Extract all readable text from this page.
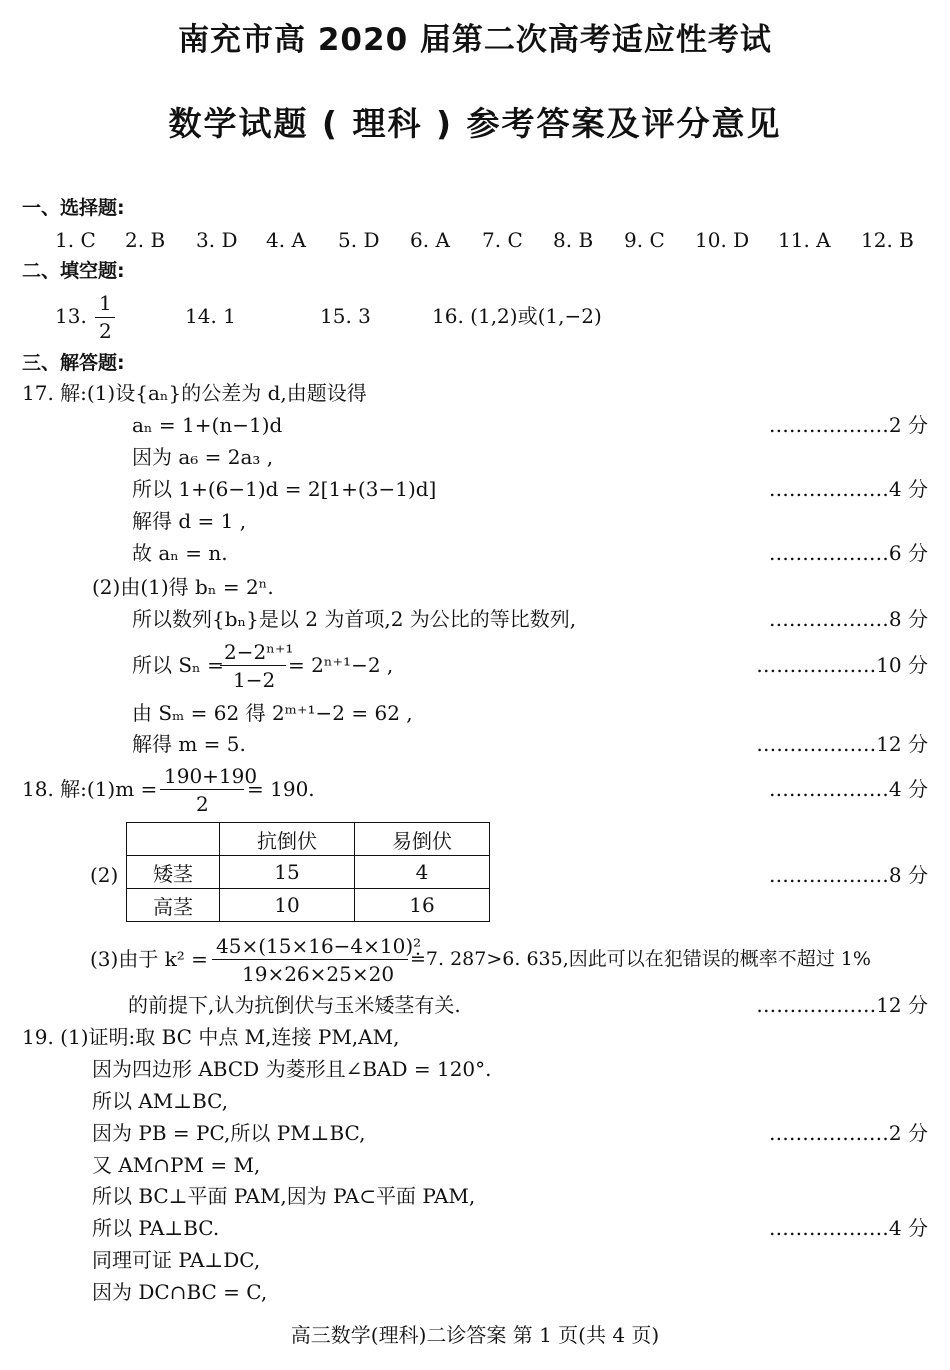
南充市高 2020 届第二次高考适应性考试
数学试题 ( 理科 ) 参考答案及评分意见
一、选择题:
1. C 2. B 3. D 4. A 5. D 6. A 7. C 8. B 9. C 10. D 11. A 12. B
二、填空题:
13.
1
2
14. 1	15. 3	16. (1,2)或(1,−2)
三、解答题:
17. 解:(1)设{aₙ}的公差为 d,由题设得
aₙ = 1+(n−1)d	………………2 分
因为 a₆ = 2a₃ ,
所以 1+(6−1)d = 2[1+(3−1)d]	………………4 分
解得 d = 1 ,
故 aₙ = n.	………………6 分
(2)由(1)得 bₙ = 2ⁿ.
所以数列{bₙ}是以 2 为首项,2 为公比的等比数列,	………………8 分
所以 Sₙ =
2−2ⁿ⁺¹
1−2
= 2ⁿ⁺¹−2 ,	………………10 分
由 Sₘ = 62 得 2ᵐ⁺¹−2 = 62 ,
解得 m = 5.	………………12 分
18. 解:(1)m =
190+190
2
= 190.	………………4 分
(2)
	抗倒伏	易倒伏
矮茎	15	4
高茎	10	16
………………8 分
(3)由于 k² =
45×(15×16−4×10)²
19×26×25×20
≐7. 287>6. 635,因此可以在犯错误的概率不超过 1%
的前提下,认为抗倒伏与玉米矮茎有关.	………………12 分
19. (1)证明:取 BC 中点 M,连接 PM,AM,
因为四边形 ABCD 为菱形且∠BAD = 120°.
所以 AM⊥BC,
因为 PB = PC,所以 PM⊥BC,	………………2 分
又 AM∩PM = M,
所以 BC⊥平面 PAM,因为 PA⊂平面 PAM,
所以 PA⊥BC.	………………4 分
同理可证 PA⊥DC,
因为 DC∩BC = C,
高三数学(理科)二诊答案 第 1 页(共 4 页)
